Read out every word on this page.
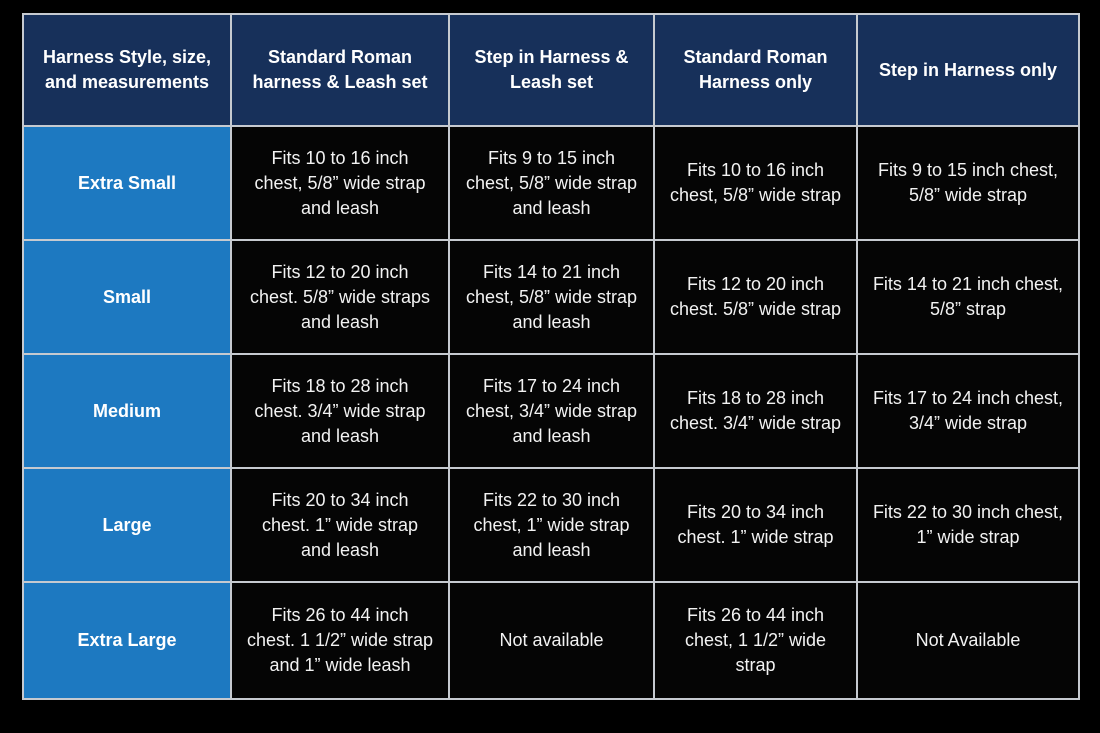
Harness Style, size, and measurements	Standard Roman harness & Leash set	Step in Harness & Leash set	Standard Roman Harness only	Step in Harness only
Extra Small	Fits 10 to 16 inch chest, 5/8” wide strap and leash	Fits 9 to 15 inch chest, 5/8” wide strap and leash	Fits 10 to 16 inch chest, 5/8” wide strap	Fits 9 to 15 inch chest, 5/8” wide strap
Small	Fits 12 to 20 inch chest. 5/8” wide straps and leash	Fits 14 to 21 inch chest, 5/8” wide strap and leash	Fits 12 to 20 inch chest. 5/8” wide strap	Fits 14 to 21 inch chest, 5/8” strap
Medium	Fits 18 to 28 inch chest. 3/4” wide strap and leash	Fits 17 to 24 inch chest, 3/4” wide strap and leash	Fits 18 to 28 inch chest. 3/4” wide strap	Fits 17 to 24 inch chest, 3/4” wide strap
Large	Fits 20 to 34 inch chest. 1” wide strap and leash	Fits 22 to 30 inch chest, 1” wide strap and leash	Fits 20 to 34 inch chest. 1” wide strap	Fits 22 to 30 inch chest, 1” wide strap
Extra Large	Fits 26 to 44 inch chest. 1 1/2” wide strap and 1” wide leash	Not available	Fits 26 to 44 inch chest, 1 1/2” wide strap	Not Available
